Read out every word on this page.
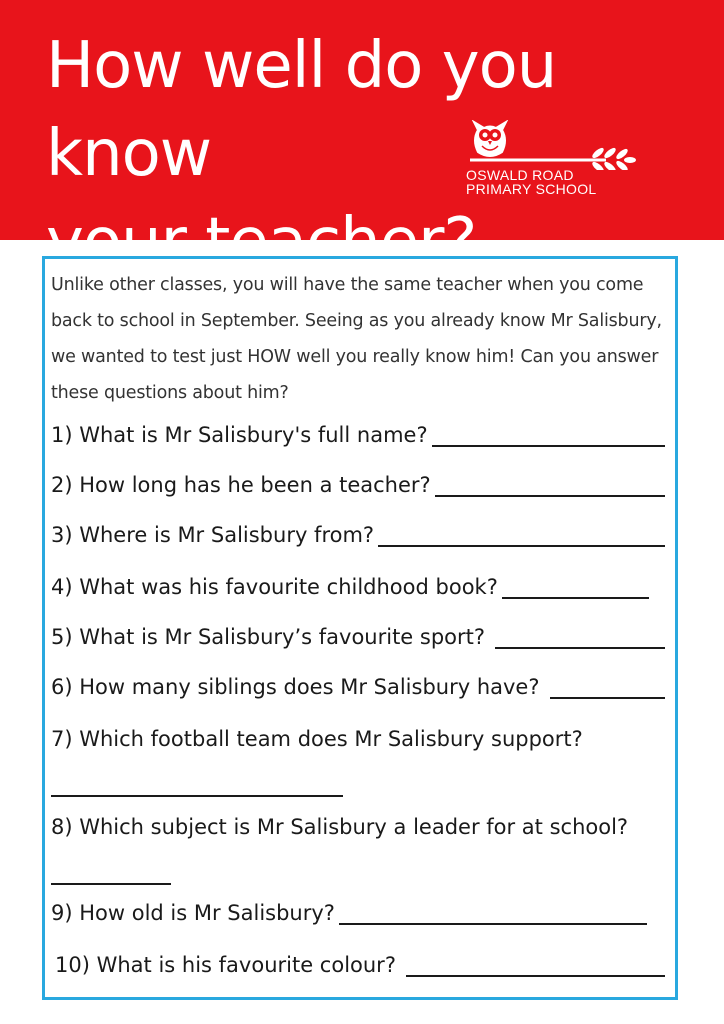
How well do you know
your teacher?
OSWALD ROAD
PRIMARY SCHOOL

Unlike other classes, you will have the same teacher when you come back to school in September. Seeing as you already know Mr Salisbury, we wanted to test just HOW well you really know him! Can you answer these questions about him?

1) What is Mr Salisbury's full name?
2) How long has he been a teacher?
3) Where is Mr Salisbury from?
4) What was his favourite childhood book?
5) What is Mr Salisbury’s favourite sport?
6) How many siblings does Mr Salisbury have?
7) Which football team does Mr Salisbury support?
8) Which subject is Mr Salisbury a leader for at school?
9) How old is Mr Salisbury?
10) What is his favourite colour?
